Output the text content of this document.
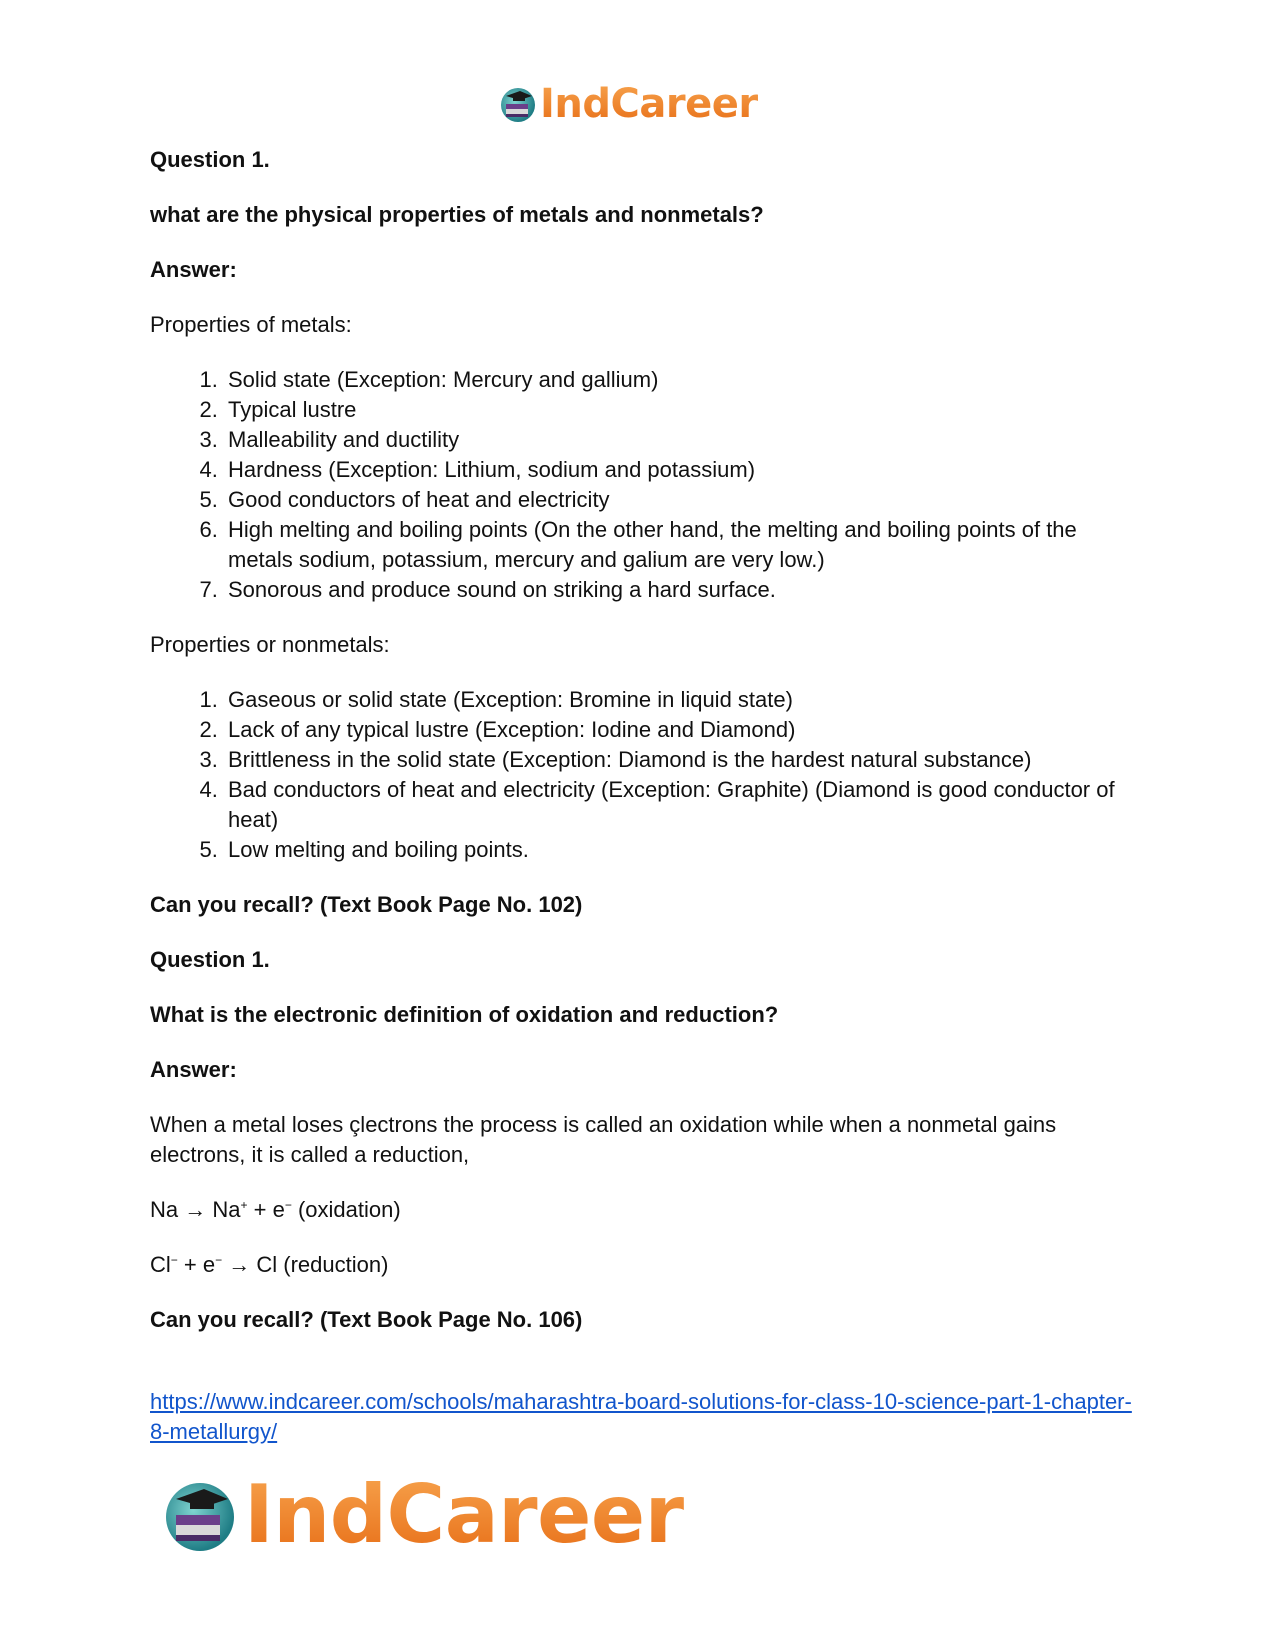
IndCareer

Question 1.

what are the physical properties of metals and nonmetals?

Answer:

Properties of metals:

1. Solid state (Exception: Mercury and gallium)
2. Typical lustre
3. Malleability and ductility
4. Hardness (Exception: Lithium, sodium and potassium)
5. Good conductors of heat and electricity
6. High melting and boiling points (On the other hand, the melting and boiling points of the metals sodium, potassium, mercury and galium are very low.)
7. Sonorous and produce sound on striking a hard surface.

Properties or nonmetals:

1. Gaseous or solid state (Exception: Bromine in liquid state)
2. Lack of any typical lustre (Exception: Iodine and Diamond)
3. Brittleness in the solid state (Exception: Diamond is the hardest natural substance)
4. Bad conductors of heat and electricity (Exception: Graphite) (Diamond is good conductor of heat)
5. Low melting and boiling points.

Can you recall? (Text Book Page No. 102)

Question 1.

What is the electronic definition of oxidation and reduction?

Answer:

When a metal loses çlectrons the process is called an oxidation while when a nonmetal gains electrons, it is called a reduction,

Na → Na+ + e− (oxidation)

Cl− + e− → Cl (reduction)

Can you recall? (Text Book Page No. 106)

https://www.indcareer.com/schools/maharashtra-board-solutions-for-class-10-science-part-1-chapter-8-metallurgy/
IndCareer
